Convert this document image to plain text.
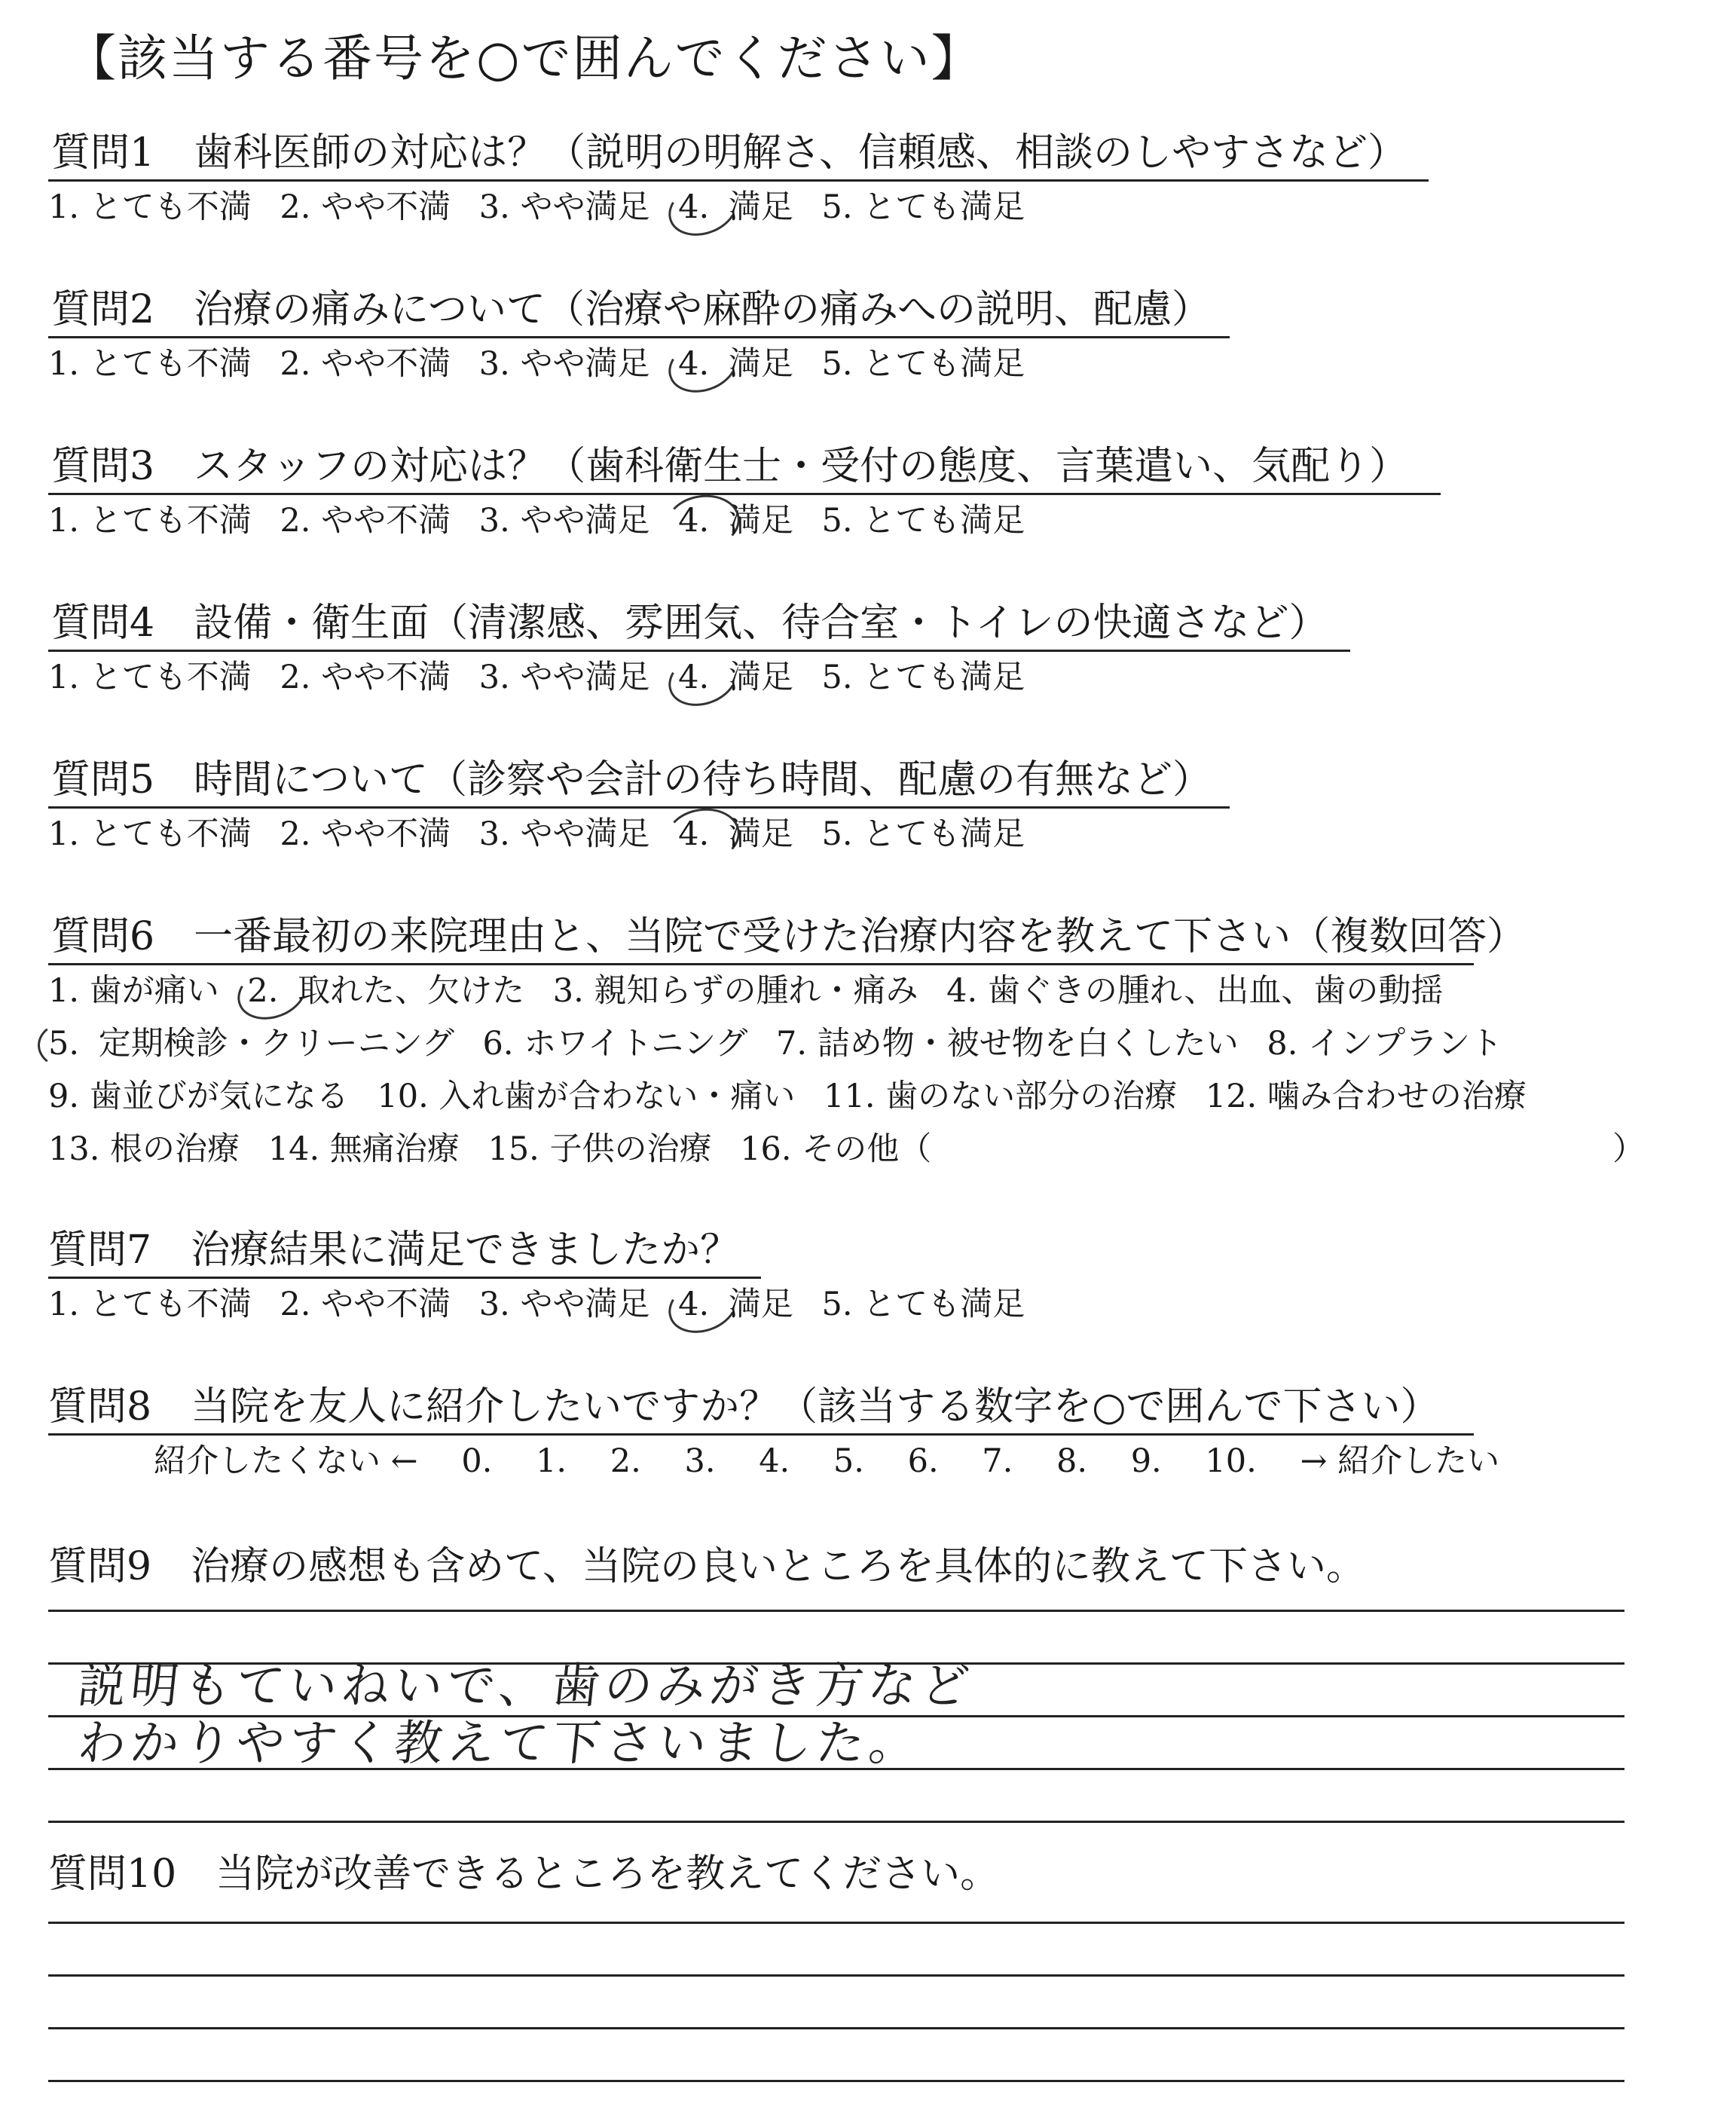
【該当する番号を○で囲んでください】
質問1　歯科医師の対応は？（説明の明解さ、信頼感、相談のしやすさなど）
1. とても不満 2. やや不満 3. やや満足 4. 満足 5. とても満足
質問2　治療の痛みについて（治療や麻酔の痛みへの説明、配慮）
1. とても不満 2. やや不満 3. やや満足 4. 満足 5. とても満足
質問3　スタッフの対応は？（歯科衛生士・受付の態度、言葉遣い、気配り）
1. とても不満 2. やや不満 3. やや満足 4. 満足 5. とても満足
質問4　設備・衛生面（清潔感、雰囲気、待合室・トイレの快適さなど）
1. とても不満 2. やや不満 3. やや満足 4. 満足 5. とても満足
質問5　時間について（診察や会計の待ち時間、配慮の有無など）
1. とても不満 2. やや不満 3. やや満足 4. 満足 5. とても満足
質問6　一番最初の来院理由と、当院で受けた治療内容を教えて下さい（複数回答）
1. 歯が痛い 2. 取れた、欠けた 3. 親知らずの腫れ・痛み 4. 歯ぐきの腫れ、出血、歯の動揺
5. 定期検診・クリーニング 6. ホワイトニング 7. 詰め物・被せ物を白くしたい 8. インプラント
9. 歯並びが気になる 10. 入れ歯が合わない・痛い 11. 歯のない部分の治療 12. 噛み合わせの治療
13. 根の治療 14. 無痛治療 15. 子供の治療 16. その他（	）
質問7　治療結果に満足できましたか？
1. とても不満 2. やや不満 3. やや満足 4. 満足 5. とても満足
質問8　当院を友人に紹介したいですか？（該当する数字を○で囲んで下さい）
紹介したくない ← 0. 1. 2. 3. 4. 5. 6. 7. 8. 9. 10. → 紹介したい
質問9　治療の感想も含めて、当院の良いところを具体的に教えて下さい。
説明もていねいで、歯のみがき方など
わかりやすく教えて下さいました。
質問10　当院が改善できるところを教えてください。
